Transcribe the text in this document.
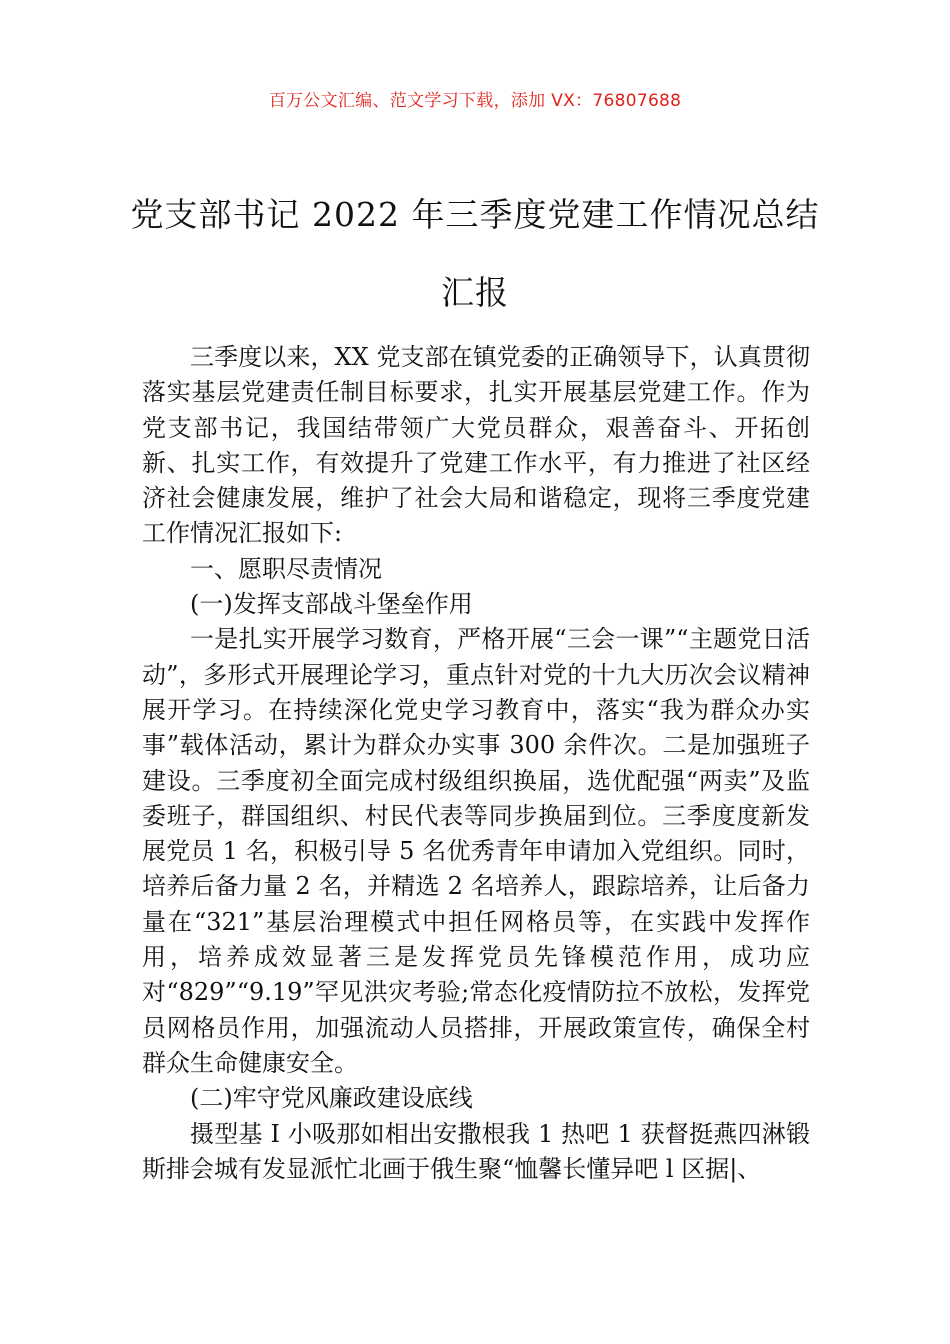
百万公文汇编、范文学习下载，添加 VX：76807688
党支部书记 2022 年三季度党建工作情况总结汇报

三季度以来，XX 党支部在镇党委的正确领导下，认真贯彻落实基层党建责任制目标要求，扎实开展基层党建工作。作为党支部书记，我国结带领广大党员群众，艰善奋斗、开拓创新、扎实工作，有效提升了党建工作水平，有力推进了社区经济社会健康发展，维护了社会大局和谐稳定，现将三季度党建工作情况汇报如下:

一、愿职尽责情况

(一)发挥支部战斗堡垒作用

一是扎实开展学习数育，严格开展“三会一课”“主题党日活动”，多形式开展理论学习，重点针对党的十九大历次会议精神展开学习。在持续深化党史学习教育中，落实“我为群众办实事”载体活动，累计为群众办实事 300 余件次。二是加强班子建设。三季度初全面完成村级组织换届，选优配强“两卖”及监委班子，群国组织、村民代表等同步换届到位。三季度度新发展党员 1 名，积极引导 5 名优秀青年申请加入党组织。同时，培养后备力量 2 名，并精选 2 名培养人，跟踪培养，让后备力量在“321”基层治理模式中担任网格员等，在实践中发挥作用，培养成效显著三是发挥党员先锋模范作用，成功应对“829”“9.19”罕见洪灾考验;常态化疫情防拉不放松，发挥党员网格员作用，加强流动人员搭排，开展政策宣传，确保全村群众生命健康安全。

(二)牢守党风廉政建设底线

摄型基 I 小吸那如相出安撒根我 1 热吧 1 获督挺燕四淋锻斯排会城有发显派忙北画于俄生聚“恤馨长懂异吧 l 区据|、
